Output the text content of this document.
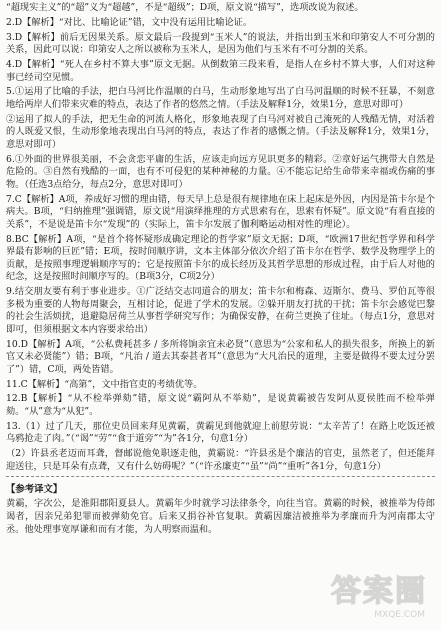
“超现实主义”的“超”义为“超越”，不是“超级”；D项，原文说“描写”，选项改说为叙述。

2.D【解析】“对比、比喻论证”错，文中没有运用比喻论证。

3.D【解析】前后无因果关系。原文最后一段提到“玉米人”的说法，并指出到玉米和印第安人不可分割的关系，因此可以说：印第安人之所以被称为玉米人，是因为他们与玉米有不可分割的关系。

4.D【解析】“死人在乡村不算大事”原文无据。从倒数第三段来看，是指人在乡村不算大事，人们对这种事已经司空见惯。

5.①运用了比喻的手法，把白马河比作温顺的白马，生动形象地写出了白马河温顺的时候不狂暴，不刻意地给两岸人们带来灾难的特点，表达了作者的悠然之情。（手法及解释1分，效果1分，意思对即可）

②运用了拟人的手法，把无生命的河流人格化，形象地表现了白马河对被自己淹死的人残酷无情，对活着的人既爱又恨，生动形象地表现出白马河的特点，表达了作者的感慨之情。（手法及解释1分，效果1分，意思对即可）

6.①外面的世界很美丽，不会贪恋平庸的生活，应该走向远方见识更多的精彩。②章好运气携带大自然是危险的。③自然有残酷的一面，也有不可侵犯的某种神秘的力量。④不能忘记给生命带来幸福或伤痛的事物。（任选3点给分，每点2分，意思对即可）

7.C【解析】A项，养成好习惯的理由错，每天早上总是很有规律地在床上起床是外因，内因是笛卡尔是个病夫。B项，“归纳推理”强调错，原文说“用演绎推理的方式思索有在，思索有怀疑”。原文说“有看直接的关系”，不是说是笛卡尔“发现”的（实际上，笛卡尔发展了伽利略运动相对性的理论）。

8.BC【解析】A项，“是首个将怀疑形成确定理论的哲学家”原文无据；D项，“欧洲17世纪哲学界和科学界最有影响的巨匠”错；E项，按时间顺序讲，文本主体部分依次介绍了笛卡尔在哲学、数学及物理学上的贡献，是按照事理逻辑顺序写的；它是按照笛卡尔的成长经历及其哲学思想的形成过程，由于后人对他的纪念，这是按照时间顺序写的。（B项3分，C项2分）

9.结交朋友要有利于事业进步。①广泛结交志同道合的朋友；笛卡尔和梅森、迈斯尔、费马、罗伯瓦等很多极为重要的人物每周聚会，互相讨论，促进了学术的发展。②躲开朋友打扰的干扰；笛卡尔会感觉巴黎的社会生活烦扰，退避隐居荷兰从事哲学研究写作；为确保安静，在荷兰更换了住址。（每点1分，意思对即可，但须根据文本内容要求给出）

10.D【解析】A项，“公私费耗甚多 / 多所将饷亲宜未必贤”（意思为“公家和私人的损失很多，所换上的新官又未必贤能”）错；B项，“凡治 / 道去其泰甚者耳”（意思为“大凡治民的道理，主要是做得不要太过分罢了”）错，C项，两处皆错。

11.C【解析】“高第”，文中指官吏的考绩优等。

12.B【解析】“从不检举弹劾”错，原文说“霸阿从不举劾”，是说黄霸被告发阿从夏侯胜而不检举弹劾。“从”意为“从犯”。

13.（1）过了几天，那位史员回来拜见黄霸，黄霸见到他就迎上前慰劳说：“太辛苦了！在路上吃饭还被乌鸦抢走了肉。”（“谒”“劳”“食于道旁”“为”各1分，句意1分）

（2）许县丞老迈而耳聋，督邮说他免职逐走他，黄霸说：“许县丞是个廉洁的官吏，虽然老了，但还能拜迎送往，只是耳朵有点聋，又有什么妨碍呢？”（“许丞廉吏”“虽”“尚”“重听”各1分，句意1分）

【参考译文】

黄霸，字次公，是淮阳郡阳夏县人。黄霸年少时就学习法律条令，向往当官。黄霸的时候，被推举为侍郎谒者，因亲兄弟犯罪而被弹劾免官。后来又捐谷补官复职。黄霸因廉洁被推举为孝廉而升为河南郡太守丞。他处理事宽厚谦和而有才能，为人明察而温和。

答案圈
MXQE.COM
